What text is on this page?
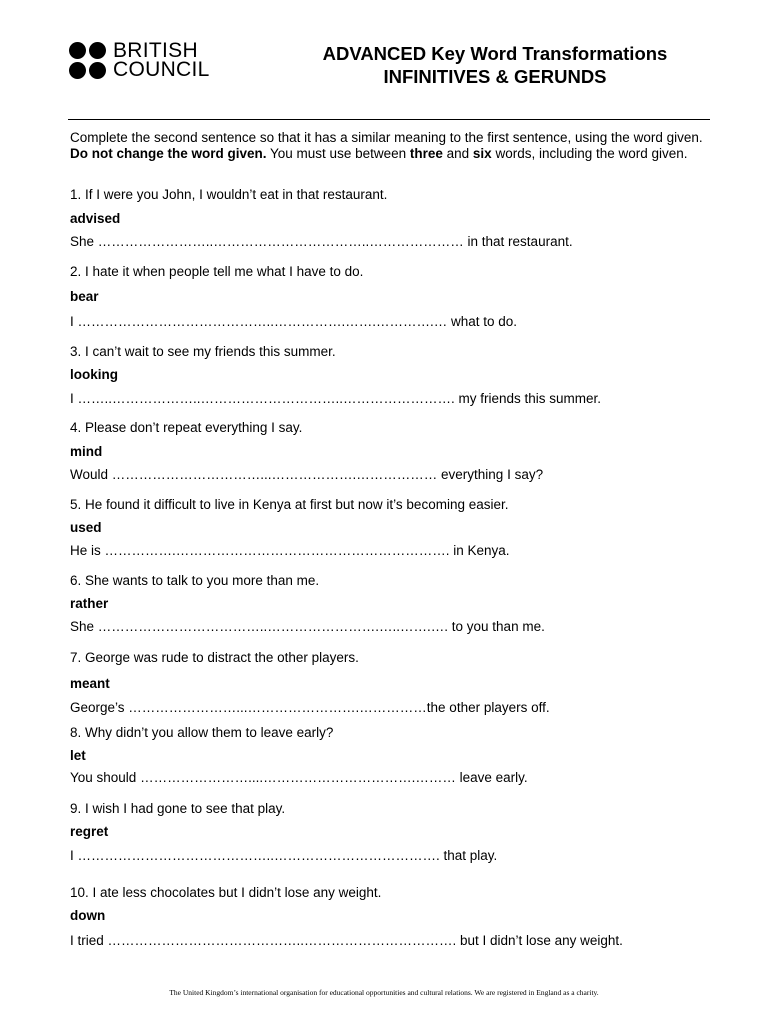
BRITISH
COUNCIL
ADVANCED Key Word Transformations
INFINITIVES & GERUNDS

Complete the second sentence so that it has a similar meaning to the first sentence, using the word given. Do not change the word given. You must use between three and six words, including the word given.

1. If I were you John, I wouldn’t eat in that restaurant.
advised
She ……………………..……………………………..………………… in that restaurant.
2. I hate it when people tell me what I have to do.
bear
I ……………………………………..…………….…….………….… what to do.
3. I can’t wait to see my friends this summer.
looking
I ……..………………..…………………………..……………………. my friends this summer.
4. Please don’t repeat everything I say.
mind
Would ……………………………...……………….……………… everything I say?
5. He found it difficult to live in Kenya at first but now it’s becoming easier.
used
He is …………….……………………………………………………. in Kenya.
6. She wants to talk to you more than me.
rather
She ………………………………..…………………….…..…….…. to you than me.
7. George was rude to distract the other players.
meant
George’s ……………………...…………………….……………the other players off.
8. Why didn’t you allow them to leave early?
let
You should ……………………....…………………………….……… leave early.
9. I wish I had gone to see that play.
regret
I ……………………………………..………………………………. that play.
10. I ate less chocolates but I didn’t lose any weight.
down
I tried ……………………………………..……………………………. but I didn’t lose any weight.
The United Kingdom’s international organisation for educational opportunities and cultural relations. We are registered in England as a charity.
